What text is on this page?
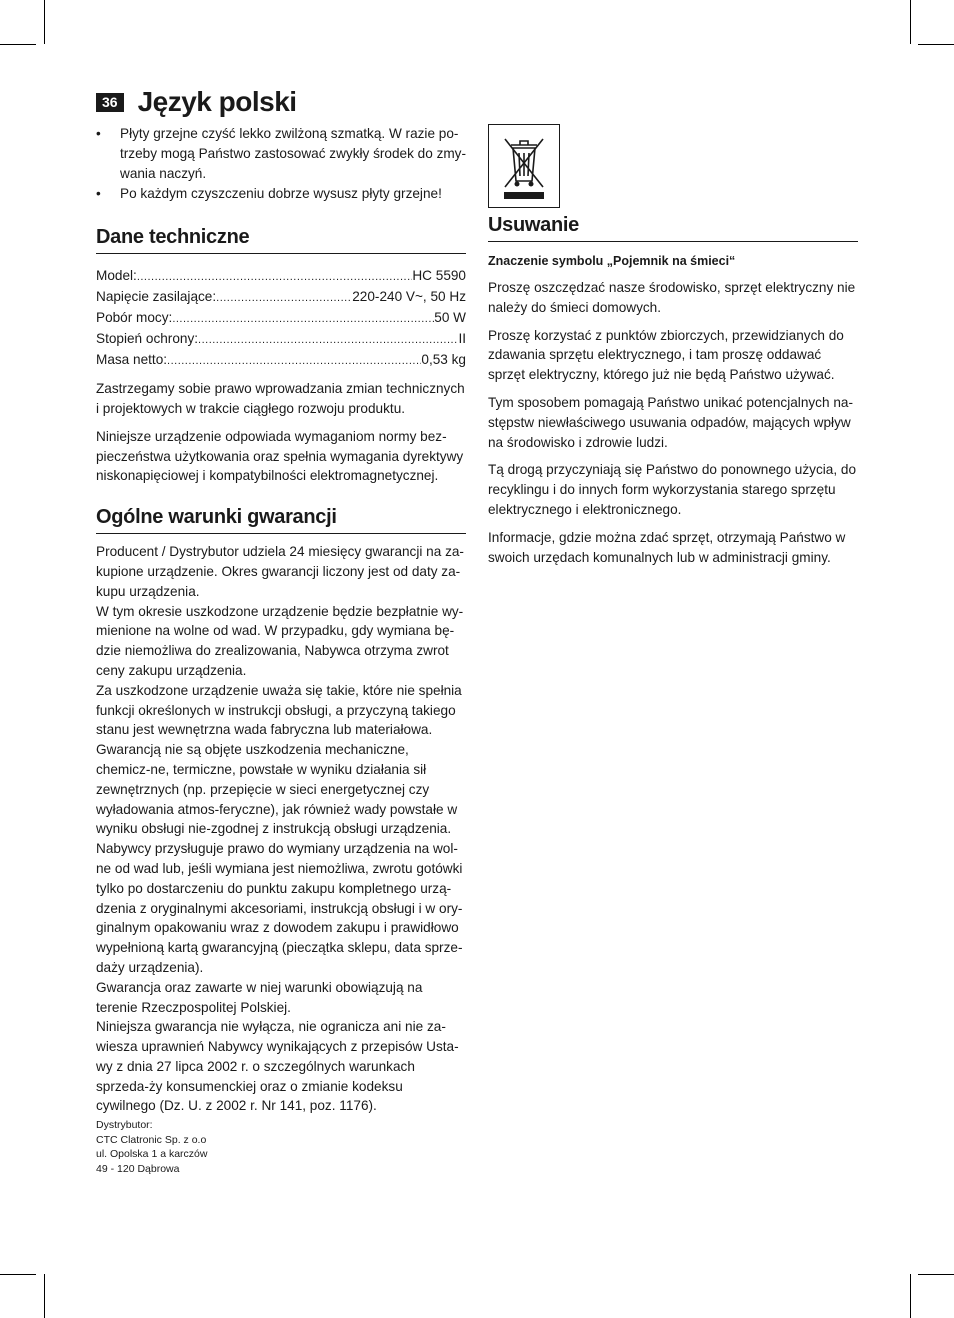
36 Język polski
• Płyty grzejne czyść lekko zwilżoną szmatką. W razie po-trzeby mogą Państwo zastosować zwykły środek do zmy-wania naczyń.
• Po każdym czyszczeniu dobrze wysusz płyty grzejne!
Dane techniczne
Model: .....	HC 5590
Napięcie zasilające: .....	220-240 V~, 50 Hz
Pobór mocy: .....	50 W
Stopień ochrony: .....	II
Masa netto: .....	0,53 kg

Zastrzegamy sobie prawo wprowadzania zmian technicznych i projektowych w trakcie ciągłego rozwoju produktu.

Niniejsze urządzenie odpowiada wymaganiom normy bez-pieczeństwa użytkowania oraz spełnia wymagania dyrektywy niskonapięciowej i kompatybilności elektromagnetycznej.

Ogólne warunki gwarancji

Producent / Dystrybutor udziela 24 miesięcy gwarancji na za-kupione urządzenie. Okres gwarancji liczony jest od daty za-kupu urządzenia.

W tym okresie uszkodzone urządzenie będzie bezpłatnie wy-mienione na wolne od wad. W przypadku, gdy wymiana bę-dzie niemożliwa do zrealizowania, Nabywca otrzyma zwrot ceny zakupu urządzenia.

Za uszkodzone urządzenie uważa się takie, które nie spełnia funkcji określonych w instrukcji obsługi, a przyczyną takiego stanu jest wewnętrzna wada fabryczna lub materiałowa.

Gwarancją nie są objęte uszkodzenia mechaniczne, chemicz-ne, termiczne, powstałe w wyniku działania sił zewnętrznych (np. przepięcie w sieci energetycznej czy wyładowania atmos-feryczne), jak również wady powstałe w wyniku obsługi nie-zgodnej z instrukcją obsługi urządzenia.

Nabywcy przysługuje prawo do wymiany urządzenia na wol-ne od wad lub, jeśli wymiana jest niemożliwa, zwrotu gotówki tylko po dostarczeniu do punktu zakupu kompletnego urzą-dzenia z oryginalnymi akcesoriami, instrukcją obsługi i w ory-ginalnym opakowaniu wraz z dowodem zakupu i prawidłowo wypełnioną kartą gwarancyjną (pieczątka sklepu, data sprze-daży urządzenia).

Gwarancja oraz zawarte w niej warunki obowiązują na terenie Rzeczpospolitej Polskiej.

Niniejsza gwarancja nie wyłącza, nie ogranicza ani nie za-wiesza uprawnień Nabywcy wynikających z przepisów Usta-wy z dnia 27 lipca 2002 r. o szczególnych warunkach sprzeda-ży konsumenckiej oraz o zmianie kodeksu cywilnego (Dz. U. z 2002 r. Nr 141, poz. 1176).

Dystrybutor:

CTC Clatronic Sp. z o.o

ul. Opolska 1 a karczów

49 - 120 Dąbrowa

Usuwanie
Znaczenie symbolu „Pojemnik na śmieci“

Proszę oszczędzać nasze środowisko, sprzęt elektryczny nie należy do śmieci domowych.

Proszę korzystać z punktów zbiorczych, przewidzianych do zdawania sprzętu elektrycznego, i tam proszę oddawać sprzęt elektryczny, którego już nie będą Państwo używać.

Tym sposobem pomagają Państwo unikać potencjalnych na-stępstw niewłaściwego usuwania odpadów, mających wpływ na środowisko i zdrowie ludzi.

Tą drogą przyczyniają się Państwo do ponownego użycia, do recyklingu i do innych form wykorzystania starego sprzętu elektrycznego i elektronicznego.

Informacje, gdzie można zdać sprzęt, otrzymają Państwo w swoich urzędach komunalnych lub w administracji gminy.
